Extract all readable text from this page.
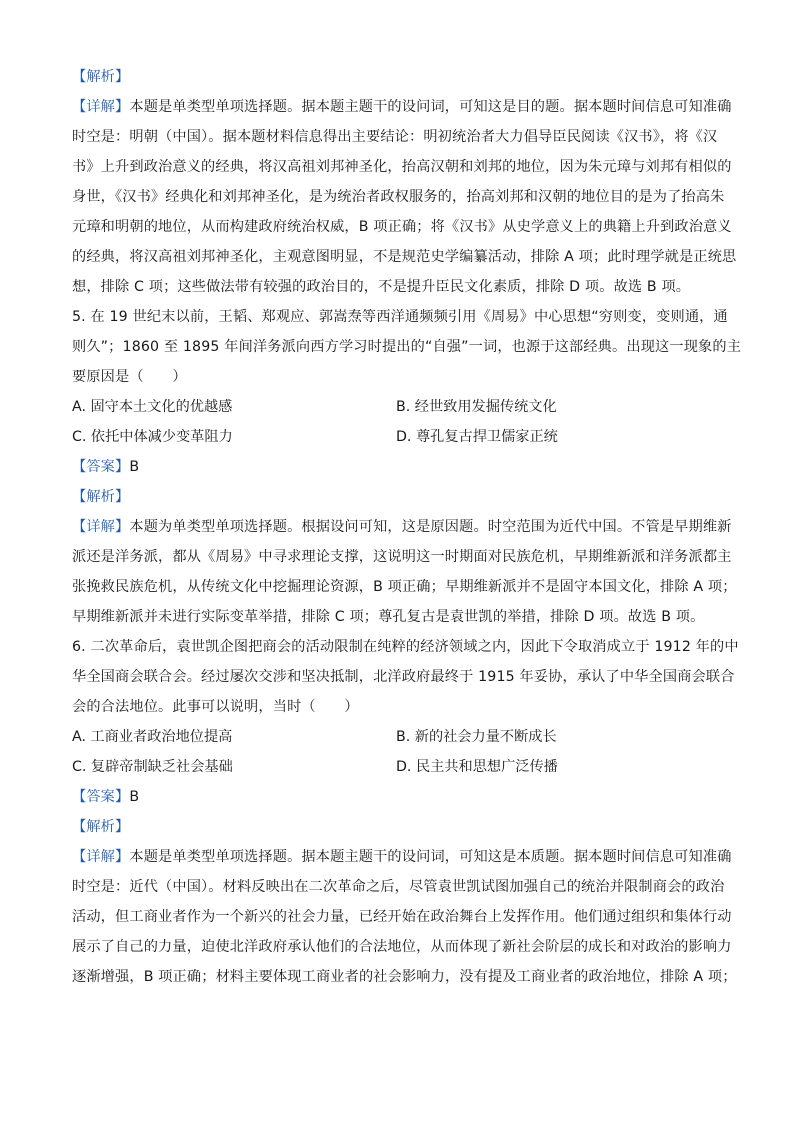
【解析】
【详解】本题是单类型单项选择题。据本题主题干的设问词，可知这是目的题。据本题时间信息可知准确
时空是：明朝（中国）。据本题材料信息得出主要结论：明初统治者大力倡导臣民阅读《汉书》，将《汉
书》上升到政治意义的经典，将汉高祖刘邦神圣化，抬高汉朝和刘邦的地位，因为朱元璋与刘邦有相似的
身世，《汉书》经典化和刘邦神圣化，是为统治者政权服务的，抬高刘邦和汉朝的地位目的是为了抬高朱
元璋和明朝的地位，从而构建政府统治权威，B 项正确；将《汉书》从史学意义上的典籍上升到政治意义
的经典，将汉高祖刘邦神圣化，主观意图明显，不是规范史学编纂活动，排除 A 项；此时理学就是正统思
想，排除 C 项；这些做法带有较强的政治目的，不是提升臣民文化素质，排除 D 项。故选 B 项。
5. 在 19 世纪末以前，王韬、郑观应、郭嵩焘等西洋通频频引用《周易》中心思想“穷则变，变则通，通
则久”；1860 至 1895 年间洋务派向西方学习时提出的“自强”一词，也源于这部经典。出现这一现象的主
要原因是（　　）
A. 固守本土文化的优越感	B. 经世致用发掘传统文化
C. 依托中体减少变革阻力	D. 尊孔复古捍卫儒家正统
【答案】B
【解析】
【详解】本题为单类型单项选择题。根据设问可知，这是原因题。时空范围为近代中国。不管是早期维新
派还是洋务派，都从《周易》中寻求理论支撑，这说明这一时期面对民族危机，早期维新派和洋务派都主
张挽救民族危机，从传统文化中挖掘理论资源，B 项正确；早期维新派并不是固守本国文化，排除 A 项；
早期维新派并未进行实际变革举措，排除 C 项；尊孔复古是袁世凯的举措，排除 D 项。故选 B 项。
6. 二次革命后，袁世凯企图把商会的活动限制在纯粹的经济领域之内，因此下令取消成立于 1912 年的中
华全国商会联合会。经过屡次交涉和坚决抵制，北洋政府最终于 1915 年妥协，承认了中华全国商会联合
会的合法地位。此事可以说明，当时（　　）
A. 工商业者政治地位提高	B. 新的社会力量不断成长
C. 复辟帝制缺乏社会基础	D. 民主共和思想广泛传播
【答案】B
【解析】
【详解】本题是单类型单项选择题。据本题主题干的设问词，可知这是本质题。据本题时间信息可知准确
时空是：近代（中国）。材料反映出在二次革命之后，尽管袁世凯试图加强自己的统治并限制商会的政治
活动，但工商业者作为一个新兴的社会力量，已经开始在政治舞台上发挥作用。他们通过组织和集体行动
展示了自己的力量，迫使北洋政府承认他们的合法地位，从而体现了新社会阶层的成长和对政治的影响力
逐渐增强，B 项正确；材料主要体现工商业者的社会影响力，没有提及工商业者的政治地位，排除 A 项；
